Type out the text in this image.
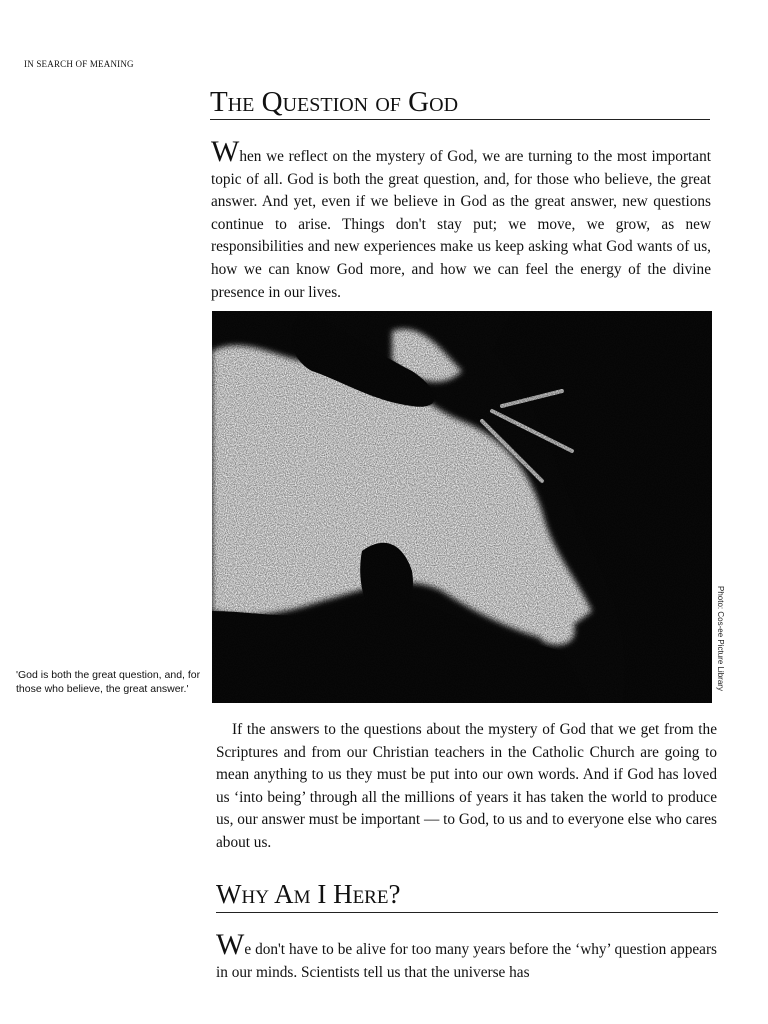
IN SEARCH OF MEANING
The Question of God

When we reflect on the mystery of God, we are turning to the most important topic of all. God is both the great question, and, for those who believe, the great answer. And yet, even if we believe in God as the great answer, new questions continue to arise. Things don't stay put; we move, we grow, as new responsibilities and new experiences make us keep asking what God wants of us, how we can know God more, and how we can feel the energy of the divine presence in our lives.

Photo: Cos-ee Picture Library

'God is both the great question, and, for those who believe, the great answer.'

If the answers to the questions about the mystery of God that we get from the Scriptures and from our Christian teachers in the Catholic Church are going to mean anything to us they must be put into our own words. And if God has loved us ‘into being’ through all the millions of years it has taken the world to produce us, our answer must be important — to God, to us and to everyone else who cares about us.

Why Am I Here?

We don't have to be alive for too many years before the ‘why’ question appears in our minds. Scientists tell us that the universe has
